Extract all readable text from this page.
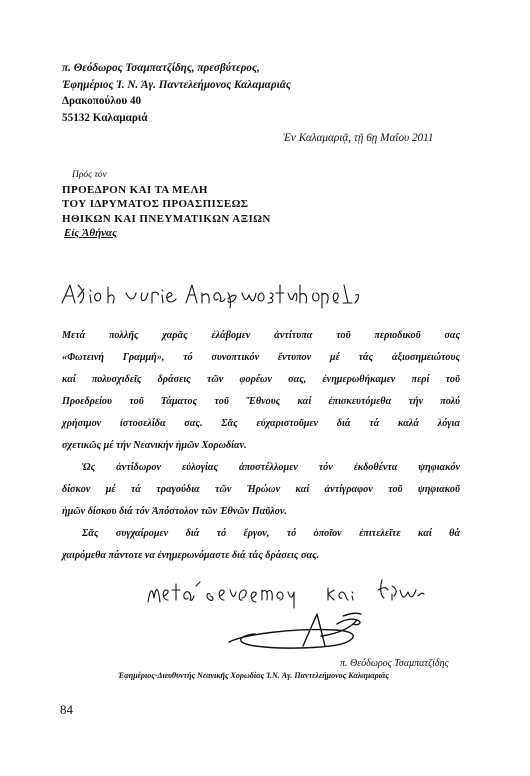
π. Θεόδωρος Τσαμπατζίδης, πρεσβύτερος,
Ἐφημέριος Ἱ. Ν. Ἁγ. Παντελεήμονος Καλαμαριᾶς
Δρακοπούλου 40
55132 Καλαμαριά
Ἐν Καλαμαριᾷ, τῇ 6ῃ Μαΐου 2011
Πρός τόν
ΠΡΟΕΔΡΟΝ ΚΑΙ ΤΑ ΜΕΛΗ
ΤΟΥ ΙΔΡΥΜΑΤΟΣ ΠΡΟΑΣΠΙΣΕΩΣ
ΗΘΙΚΩΝ ΚΑΙ ΠΝΕΥΜΑΤΙΚΩΝ ΑΞΙΩΝ
Εἰς Ἀθήνας

Μετά πολλῆς χαρᾶς ἐλάβομεν ἀντίτυπα τοῦ περιοδικοῦ σας

«Φωτεινή Γραμμή», τό συνοπτικόν ἔντυπον μέ τάς ἀξιοσημειώτους

καί πολυσχιδεῖς δράσεις τῶν φορέων σας, ἐνημερωθήκαμεν περί τοῦ

Προεδρείου τοῦ Τάματος τοῦ Ἔθνους καί ἐπισκευτόμεθα τήν πολύ

χρήσιμον ἰστοσελίδα σας. Σᾶς εὐχαριστοῦμεν διά τά καλά λόγια

σχετικῶς μέ τήν Νεανικήν ἡμῶν Χορωδίαν.

Ὡς ἀντίδωρον εὐλογίας ἀποστέλλομεν τόν ἐκδοθέντα ψηφιακόν

δίσκον μέ τά τραγούδια τῶν Ἡρώων καί ἀντίγραφον τοῦ ψηφιακοῦ

ἡμῶν δίσκου διά τόν Ἀπόστολον τῶν Ἐθνῶν Παῦλον.

Σᾶς συγχαίρομεν διά τό ἔργον, τό ὁποῖον ἐπιτελεῖτε καί θά

χαιρόμεθα πάντοτε να ἐνημερωνόμαστε διά τάς δράσεις σας.

π. Θεόδωρος Τσαμπατζίδης
Ἐφημέριος-Διευθυντής Νεανικῆς Χορωδίας Ἱ.Ν. Ἁγ. Παντελεήμονος Καλαμαριᾶς
84
